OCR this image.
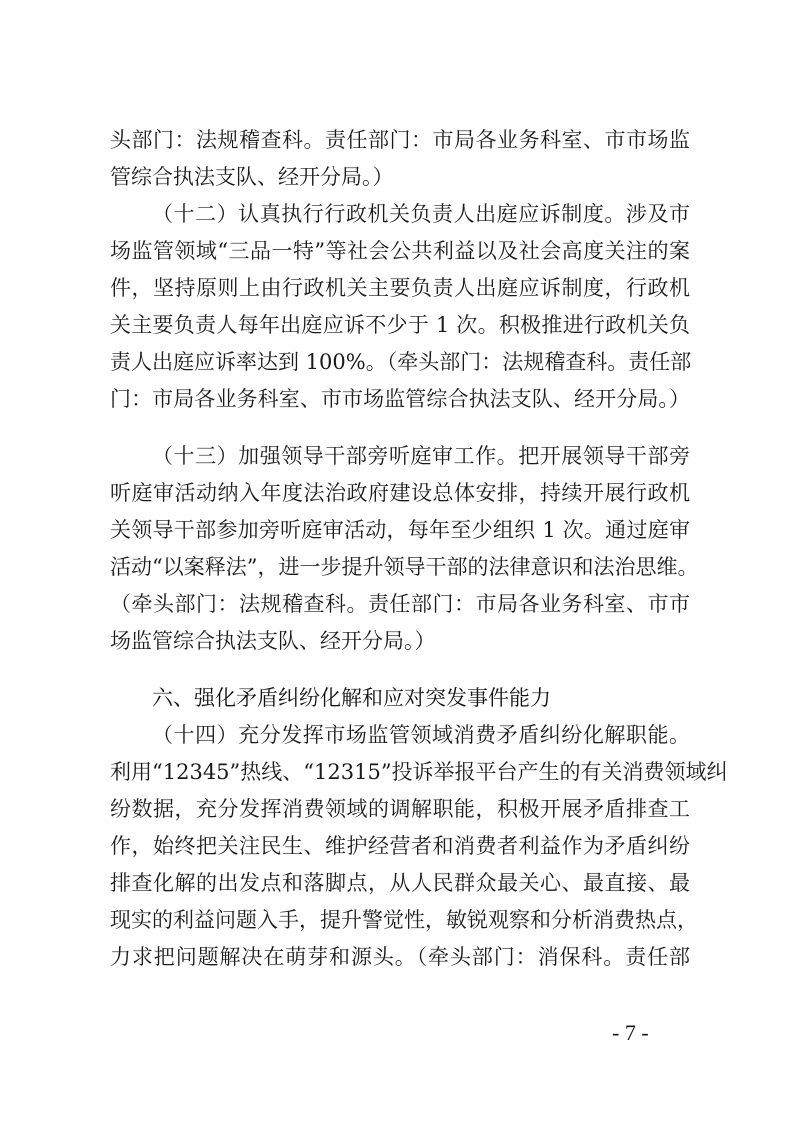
头部门：法规稽查科。责任部门：市局各业务科室、市市场监
管综合执法支队、经开分局。）
（十二）认真执行行政机关负责人出庭应诉制度。涉及市
场监管领域“三品一特”等社会公共利益以及社会高度关注的案
件，坚持原则上由行政机关主要负责人出庭应诉制度，行政机
关主要负责人每年出庭应诉不少于 1 次。积极推进行政机关负
责人出庭应诉率达到 100%。（牵头部门：法规稽查科。责任部
门：市局各业务科室、市市场监管综合执法支队、经开分局。）
（十三）加强领导干部旁听庭审工作。把开展领导干部旁
听庭审活动纳入年度法治政府建设总体安排，持续开展行政机
关领导干部参加旁听庭审活动，每年至少组织 1 次。通过庭审
活动“以案释法”，进一步提升领导干部的法律意识和法治思维。
（牵头部门：法规稽查科。责任部门：市局各业务科室、市市
场监管综合执法支队、经开分局。）
六、强化矛盾纠纷化解和应对突发事件能力
（十四）充分发挥市场监管领域消费矛盾纠纷化解职能。
利用“12345”热线、“12315”投诉举报平台产生的有关消费领域纠
纷数据，充分发挥消费领域的调解职能，积极开展矛盾排查工
作，始终把关注民生、维护经营者和消费者利益作为矛盾纠纷
排查化解的出发点和落脚点，从人民群众最关心、最直接、最
现实的利益问题入手，提升警觉性，敏锐观察和分析消费热点，
力求把问题解决在萌芽和源头。（牵头部门：消保科。责任部
- 7 -
